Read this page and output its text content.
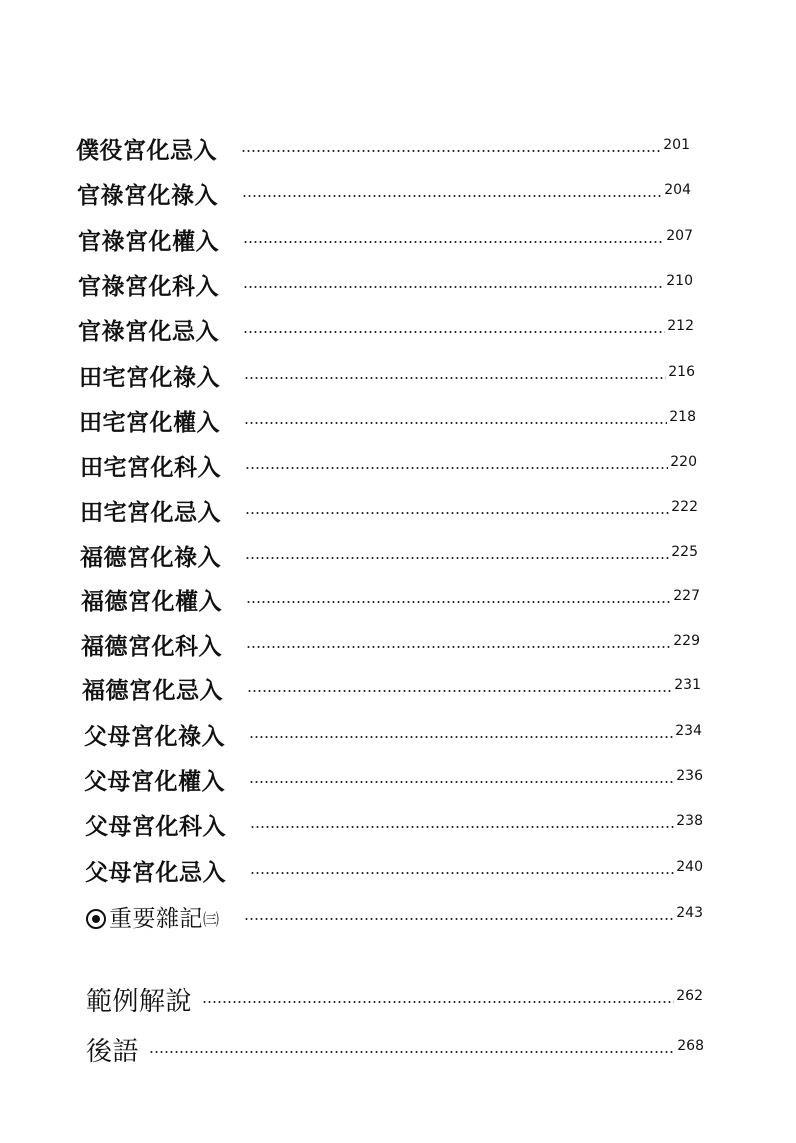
僕役宮化忌入	201
官祿宮化祿入	204
官祿宮化權入	207
官祿宮化科入	210
官祿宮化忌入	212
田宅宮化祿入	216
田宅宮化權入	218
田宅宮化科入	220
田宅宮化忌入	222
福德宮化祿入	225
福德宮化權入	227
福德宮化科入	229
福德宮化忌入	231
父母宮化祿入	234
父母宮化權入	236
父母宮化科入	238
父母宮化忌入	240
重要雜記㈢	243
範例解說	262
後語	268
